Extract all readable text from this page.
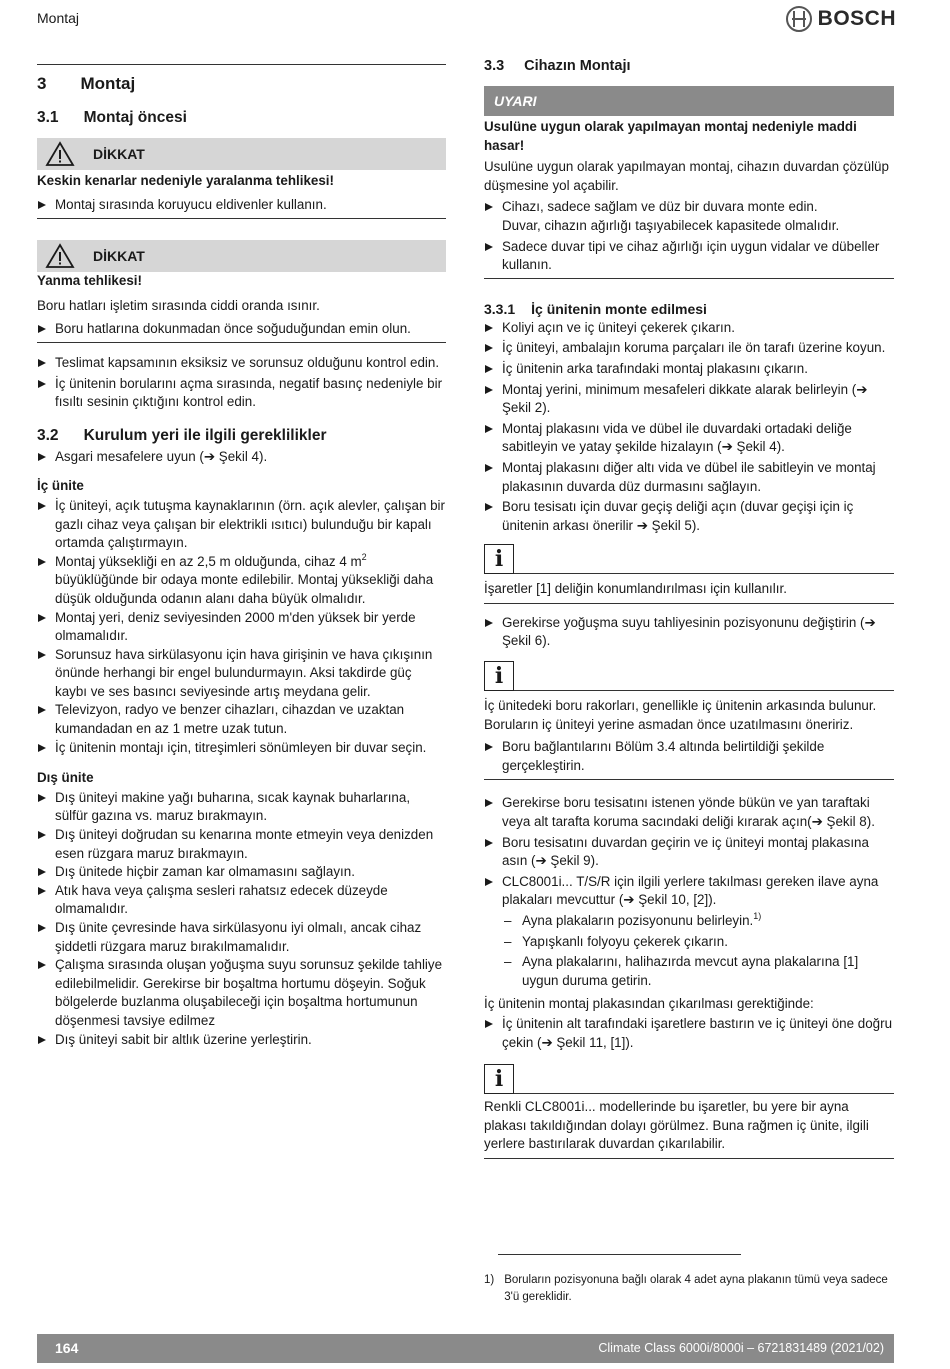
Montaj	BOSCH
3 Montaj
3.1 Montaj öncesi
DİKKAT
Keskin kenarlar nedeniyle yaralanma tehlikesi!
Montaj sırasında koruyucu eldivenler kullanın.
DİKKAT
Yanma tehlikesi!
Boru hatları işletim sırasında ciddi oranda ısınır.
Boru hatlarına dokunmadan önce soğuduğundan emin olun.
Teslimat kapsamının eksiksiz ve sorunsuz olduğunu kontrol edin.
İç ünitenin borularını açma sırasında, negatif basınç nedeniyle bir fısıltı sesinin çıktığını kontrol edin.
3.2 Kurulum yeri ile ilgili gereklilikler
Asgari mesafelere uyun (➔ Şekil 4).
İç ünite
İç üniteyi, açık tutuşma kaynaklarının (örn. açık alevler, çalışan bir gazlı cihaz veya çalışan bir elektrikli ısıtıcı) bulunduğu bir kapalı ortamda çalıştırmayın.
Montaj yüksekliği en az 2,5 m olduğunda, cihaz 4 $m^2$ büyüklüğünde bir odaya monte edilebilir. Montaj yüksekliği daha düşük olduğunda odanın alanı daha büyük olmalıdır.
Montaj yeri, deniz seviyesinden 2000 m'den yüksek bir yerde olmamalıdır.
Sorunsuz hava sirkülasyonu için hava girişinin ve hava çıkışının önünde herhangi bir engel bulundurmayın. Aksi takdirde güç kaybı ve ses basıncı seviyesinde artış meydana gelir.
Televizyon, radyo ve benzer cihazları, cihazdan ve uzaktan kumandadan en az 1 metre uzak tutun.
İç ünitenin montajı için, titreşimleri sönümleyen bir duvar seçin.
Dış ünite
Dış üniteyi makine yağı buharına, sıcak kaynak buharlarına, sülfür gazına vs. maruz bırakmayın.
Dış üniteyi doğrudan su kenarına monte etmeyin veya denizden esen rüzgara maruz bırakmayın.
Dış ünitede hiçbir zaman kar olmamasını sağlayın.
Atık hava veya çalışma sesleri rahatsız edecek düzeyde olmamalıdır.
Dış ünite çevresinde hava sirkülasyonu iyi olmalı, ancak cihaz şiddetli rüzgara maruz bırakılmamalıdır.
Çalışma sırasında oluşan yoğuşma suyu sorunsuz şekilde tahliye edilebilmelidir. Gerekirse bir boşaltma hortumu döşeyin. Soğuk bölgelerde buzlanma oluşabileceği için boşaltma hortumunun döşenmesi tavsiye edilmez
Dış üniteyi sabit bir altlık üzerine yerleştirin.
3.3 Cihazın Montajı
UYARI
Usulüne uygun olarak yapılmayan montaj nedeniyle maddi hasar!
Usulüne uygun olarak yapılmayan montaj, cihazın duvardan çözülüp düşmesine yol açabilir.
Cihazı, sadece sağlam ve düz bir duvara monte edin.
Duvar, cihazın ağırlığı taşıyabilecek kapasitede olmalıdır.
Sadece duvar tipi ve cihaz ağırlığı için uygun vidalar ve dübeller kullanın.
3.3.1 İç ünitenin monte edilmesi
Koliyi açın ve iç üniteyi çekerek çıkarın.
İç üniteyi, ambalajın koruma parçaları ile ön tarafı üzerine koyun.
İç ünitenin arka tarafındaki montaj plakasını çıkarın.
Montaj yerini, minimum mesafeleri dikkate alarak belirleyin (➔ Şekil 2).
Montaj plakasını vida ve dübel ile duvardaki ortadaki deliğe sabitleyin ve yatay şekilde hizalayın (➔ Şekil 4).
Montaj plakasını diğer altı vida ve dübel ile sabitleyin ve montaj plakasının duvarda düz durmasını sağlayın.
Boru tesisatı için duvar geçiş deliği açın (duvar geçişi için iç ünitenin arkası önerilir ➔ Şekil 5).
i
İşaretler [1] deliğin konumlandırılması için kullanılır.
Gerekirse yoğuşma suyu tahliyesinin pozisyonunu değiştirin (➔ Şekil 6).
i
İç ünitedeki boru rakorları, genellikle iç ünitenin arkasında bulunur. Boruların iç üniteyi yerine asmadan önce uzatılmasını öneririz.
Boru bağlantılarını Bölüm 3.4 altında belirtildiği şekilde gerçekleştirin.
Gerekirse boru tesisatını istenen yönde bükün ve yan taraftaki veya alt tarafta koruma sacındaki deliği kırarak açın(➔ Şekil 8).
Boru tesisatını duvardan geçirin ve iç üniteyi montaj plakasına asın (➔ Şekil 9).
CLC8001i... T/S/R için ilgili yerlere takılması gereken ilave ayna plakaları mevcuttur (➔ Şekil 10, [2]).
– Ayna plakaların pozisyonunu belirleyin.$^{1)}$
– Yapışkanlı folyoyu çekerek çıkarın.
– Ayna plakalarını, halihazırda mevcut ayna plakalarına [1] uygun duruma getirin.
İç ünitenin montaj plakasından çıkarılması gerektiğinde:
İç ünitenin alt tarafındaki işaretlere bastırın ve iç üniteyi öne doğru çekin (➔ Şekil 11, [1]).
i
Renkli CLC8001i... modellerinde bu işaretler, bu yere bir ayna plakası takıldığından dolayı görülmez. Buna rağmen iç ünite, ilgili yerlere bastırılarak duvardan çıkarılabilir.
1) Boruların pozisyonuna bağlı olarak 4 adet ayna plakanın tümü veya sadece 3'ü gereklidir.
164	Climate Class 6000i/8000i – 6721831489 (2021/02)
